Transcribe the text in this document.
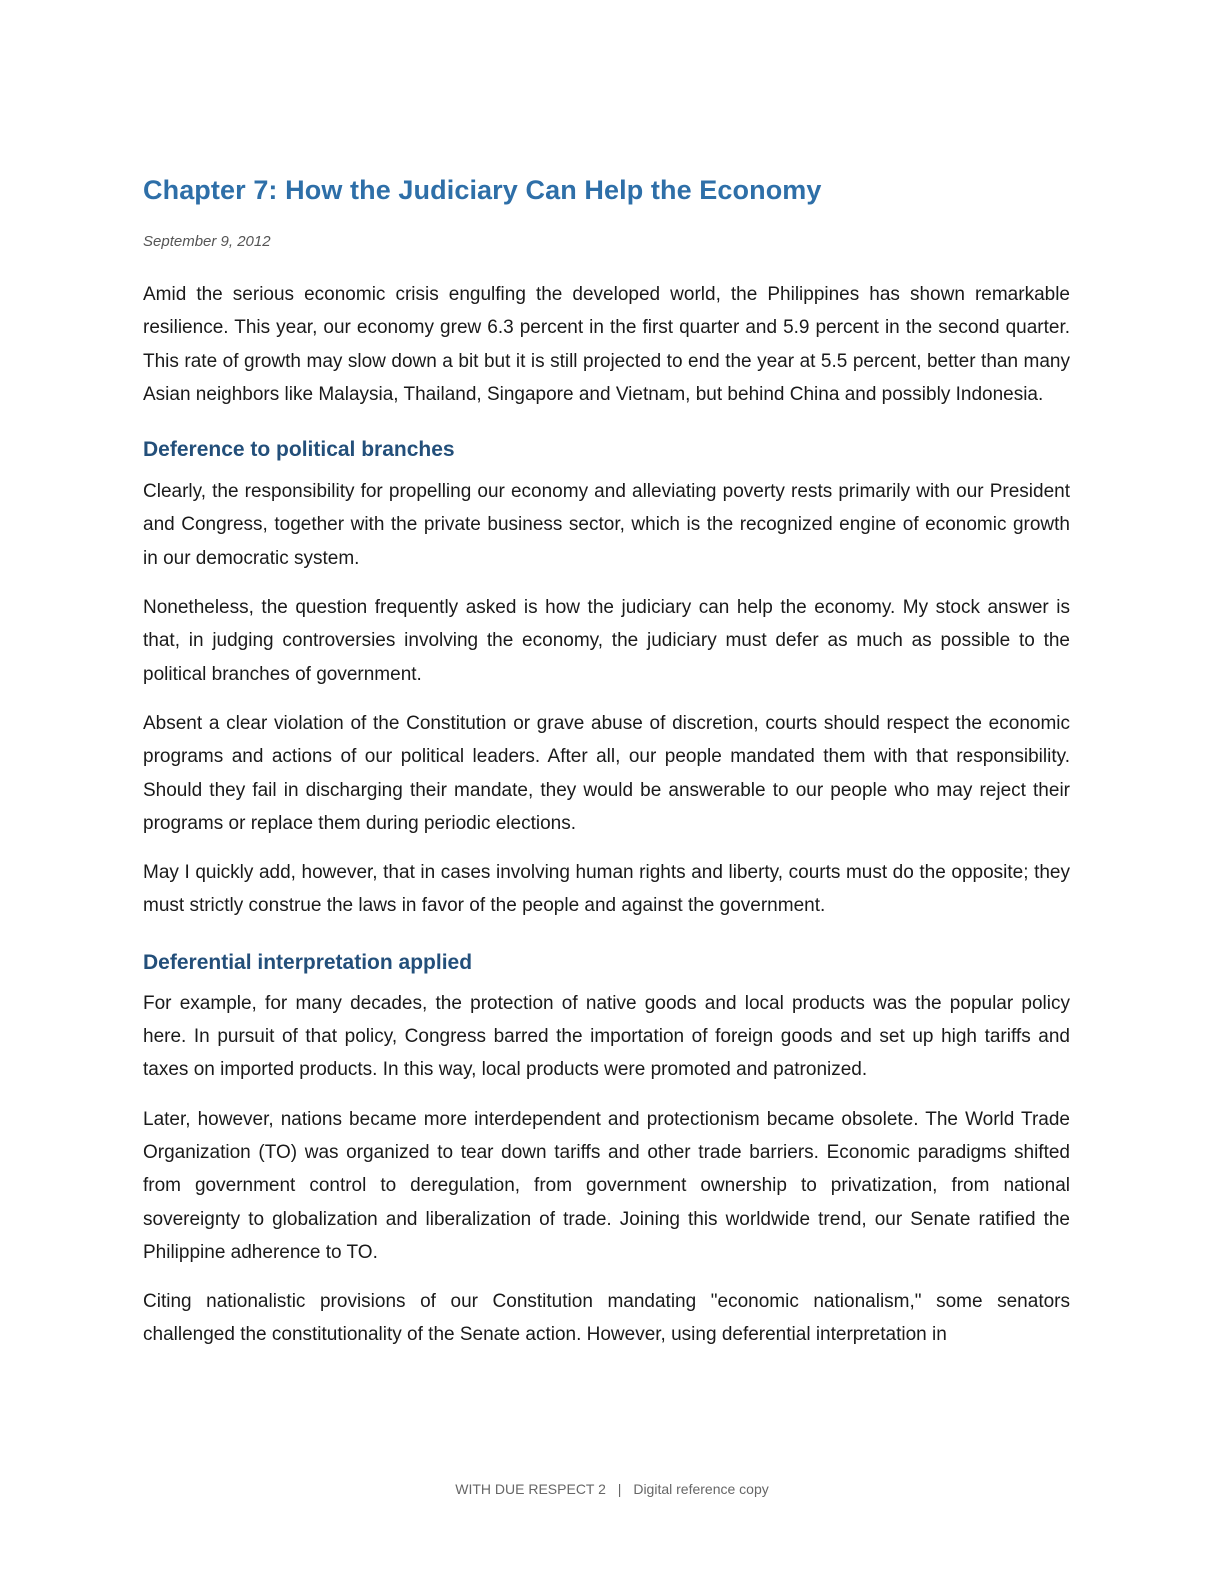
Chapter 7: How the Judiciary Can Help the Economy
September 9, 2012

Amid the serious economic crisis engulfing the developed world, the Philippines has shown remarkable resilience. This year, our economy grew 6.3 percent in the first quarter and 5.9 percent in the second quarter. This rate of growth may slow down a bit but it is still projected to end the year at 5.5 percent, better than many Asian neighbors like Malaysia, Thailand, Singapore and Vietnam, but behind China and possibly Indonesia.

Deference to political branches

Clearly, the responsibility for propelling our economy and alleviating poverty rests primarily with our President and Congress, together with the private business sector, which is the recognized engine of economic growth in our democratic system.

Nonetheless, the question frequently asked is how the judiciary can help the economy. My stock answer is that, in judging controversies involving the economy, the judiciary must defer as much as possible to the political branches of government.

Absent a clear violation of the Constitution or grave abuse of discretion, courts should respect the economic programs and actions of our political leaders. After all, our people mandated them with that responsibility. Should they fail in discharging their mandate, they would be answerable to our people who may reject their programs or replace them during periodic elections.

May I quickly add, however, that in cases involving human rights and liberty, courts must do the opposite; they must strictly construe the laws in favor of the people and against the government.

Deferential interpretation applied

For example, for many decades, the protection of native goods and local products was the popular policy here. In pursuit of that policy, Congress barred the importation of foreign goods and set up high tariffs and taxes on imported products. In this way, local products were promoted and patronized.

Later, however, nations became more interdependent and protectionism became obsolete. The World Trade Organization (TO) was organized to tear down tariffs and other trade barriers. Economic paradigms shifted from government control to deregulation, from government ownership to privatization, from national sovereignty to globalization and liberalization of trade. Joining this worldwide trend, our Senate ratified the Philippine adherence to TO.

Citing nationalistic provisions of our Constitution mandating "economic nationalism," some senators challenged the constitutionality of the Senate action. However, using deferential interpretation in

WITH DUE RESPECT 2 | Digital reference copy
